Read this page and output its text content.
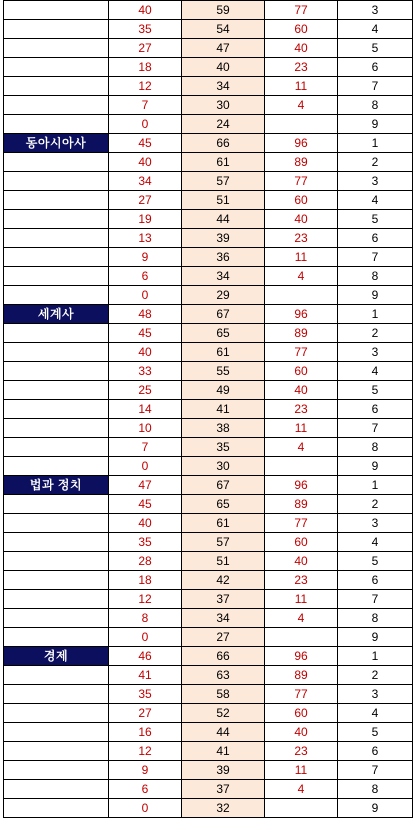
	40	59	77	3
	35	54	60	4
	27	47	40	5
	18	40	23	6
	12	34	11	7
	7	30	4	8
	0	24		9
동아시아사	45	66	96	1
	40	61	89	2
	34	57	77	3
	27	51	60	4
	19	44	40	5
	13	39	23	6
	9	36	11	7
	6	34	4	8
	0	29		9
세계사	48	67	96	1
	45	65	89	2
	40	61	77	3
	33	55	60	4
	25	49	40	5
	14	41	23	6
	10	38	11	7
	7	35	4	8
	0	30		9
법과 정치	47	67	96	1
	45	65	89	2
	40	61	77	3
	35	57	60	4
	28	51	40	5
	18	42	23	6
	12	37	11	7
	8	34	4	8
	0	27		9
경제	46	66	96	1
	41	63	89	2
	35	58	77	3
	27	52	60	4
	16	44	40	5
	12	41	23	6
	9	39	11	7
	6	37	4	8
	0	32		9
